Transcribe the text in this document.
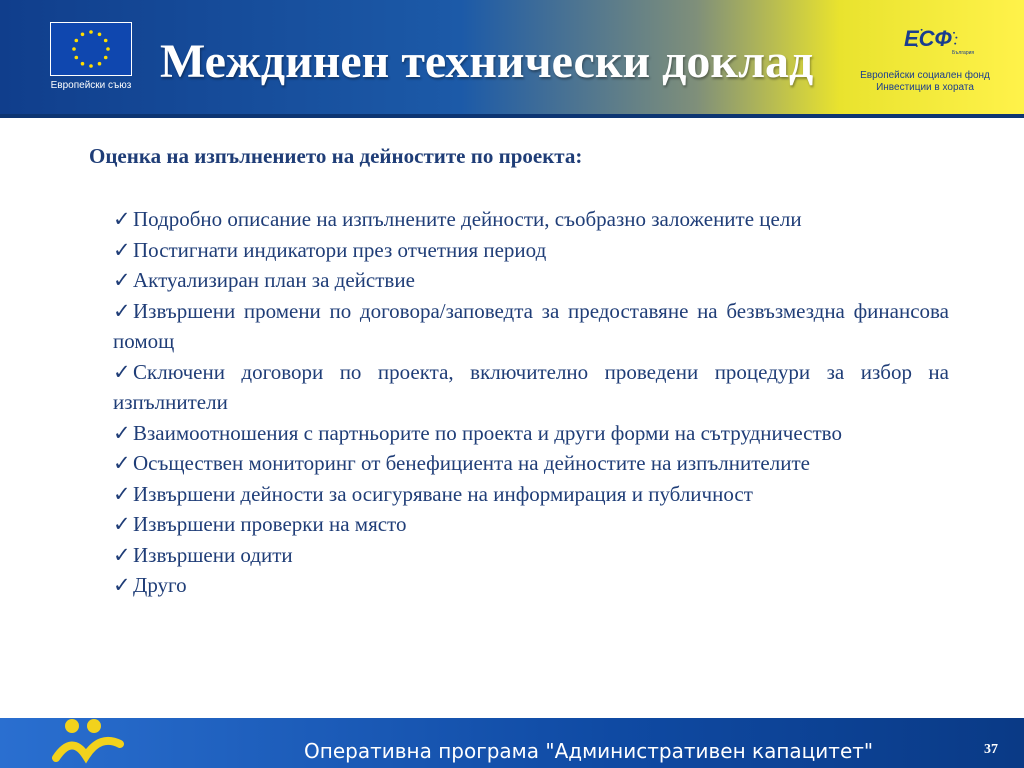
Европейски съюз Междинен технически доклад	ЕСФ
България
Европейски социален фонд
Инвестиции в хората
Оценка на изпълнението на дейностите по проекта:
✓ Подробно описание на изпълнените дейности, съобразно заложените цели
✓ Постигнати индикатори през отчетния период
✓ Актуализиран план за действие
✓ Извършени промени по договора/заповедта за предоставяне на безвъзмездна финансова помощ
✓ Сключени договори по проекта, включително проведени процедури за избор на изпълнители
✓ Взаимоотношения с партньорите по проекта и други форми на сътрудничество
✓ Осъществен мониторинг от бенефициента на дейностите на изпълнителите
✓ Извършени дейности за осигуряване на информирация и публичност
✓ Извършени проверки на място
✓ Извършени одити
✓ Друго
Оперативна програма "Административен капацитет"	37
